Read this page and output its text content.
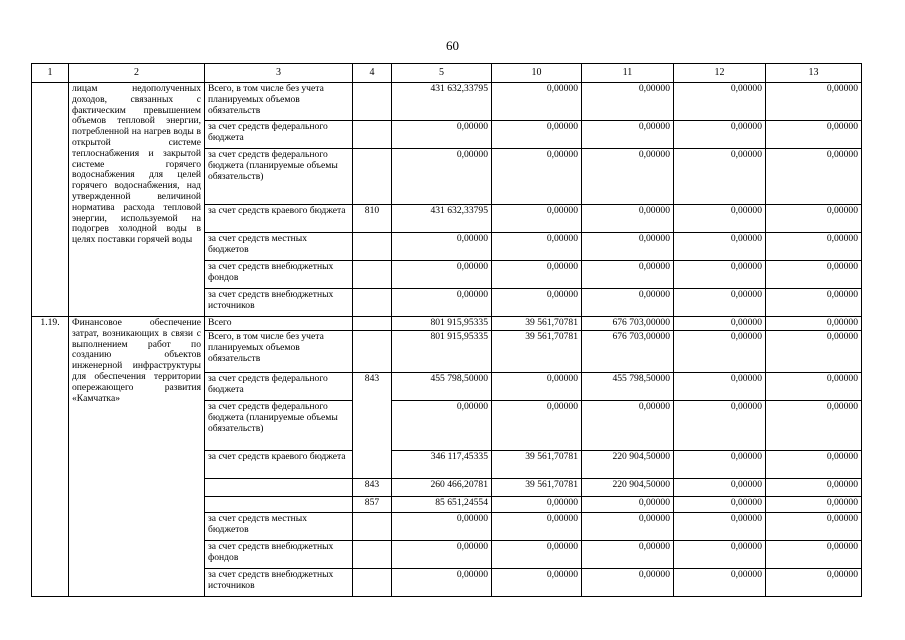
60
1	2	3	4	5	10	11	12	13
	лицам недополученных доходов, связанных с фактическим превышением объемов тепловой энергии, потребленной на нагрев воды в открытой системе теплоснабжения и закрытой системе горячего водоснабжения для целей горячего водоснабжения, над утвержденной величиной норматива расхода тепловой энергии, используемой на подогрев холодной воды в целях поставки горячей воды	Всего, в том числе без учета планируемых объемов обязательств		431 632,33795	0,00000	0,00000	0,00000	0,00000
		за счет средств федерального бюджета		0,00000	0,00000	0,00000	0,00000	0,00000
		за счет средств федерального бюджета (планируемые объемы обязательств)		0,00000	0,00000	0,00000	0,00000	0,00000
		за счет средств краевого бюджета	810	431 632,33795	0,00000	0,00000	0,00000	0,00000
		за счет средств местных бюджетов		0,00000	0,00000	0,00000	0,00000	0,00000
		за счет средств внебюджетных фондов		0,00000	0,00000	0,00000	0,00000	0,00000
		за счет средств внебюджетных источников		0,00000	0,00000	0,00000	0,00000	0,00000
1.19.	Финансовое обеспечение затрат, возникающих в связи с выполнением работ по созданию объектов инженерной инфраструктуры для обеспечения территории опережающего развития «Камчатка»	Всего		801 915,95335	39 561,70781	676 703,00000	0,00000	0,00000
		Всего, в том числе без учета планируемых объемов обязательств		801 915,95335	39 561,70781	676 703,00000	0,00000	0,00000
		за счет средств федерального бюджета	843	455 798,50000	0,00000	455 798,50000	0,00000	0,00000
		за счет средств федерального бюджета (планируемые объемы обязательств)		0,00000	0,00000	0,00000	0,00000	0,00000
		за счет средств краевого бюджета		346 117,45335	39 561,70781	220 904,50000	0,00000	0,00000
			843	260 466,20781	39 561,70781	220 904,50000	0,00000	0,00000
			857	85 651,24554	0,00000	0,00000	0,00000	0,00000
		за счет средств местных бюджетов		0,00000	0,00000	0,00000	0,00000	0,00000
		за счет средств внебюджетных фондов		0,00000	0,00000	0,00000	0,00000	0,00000
		за счет средств внебюджетных источников		0,00000	0,00000	0,00000	0,00000	0,00000
